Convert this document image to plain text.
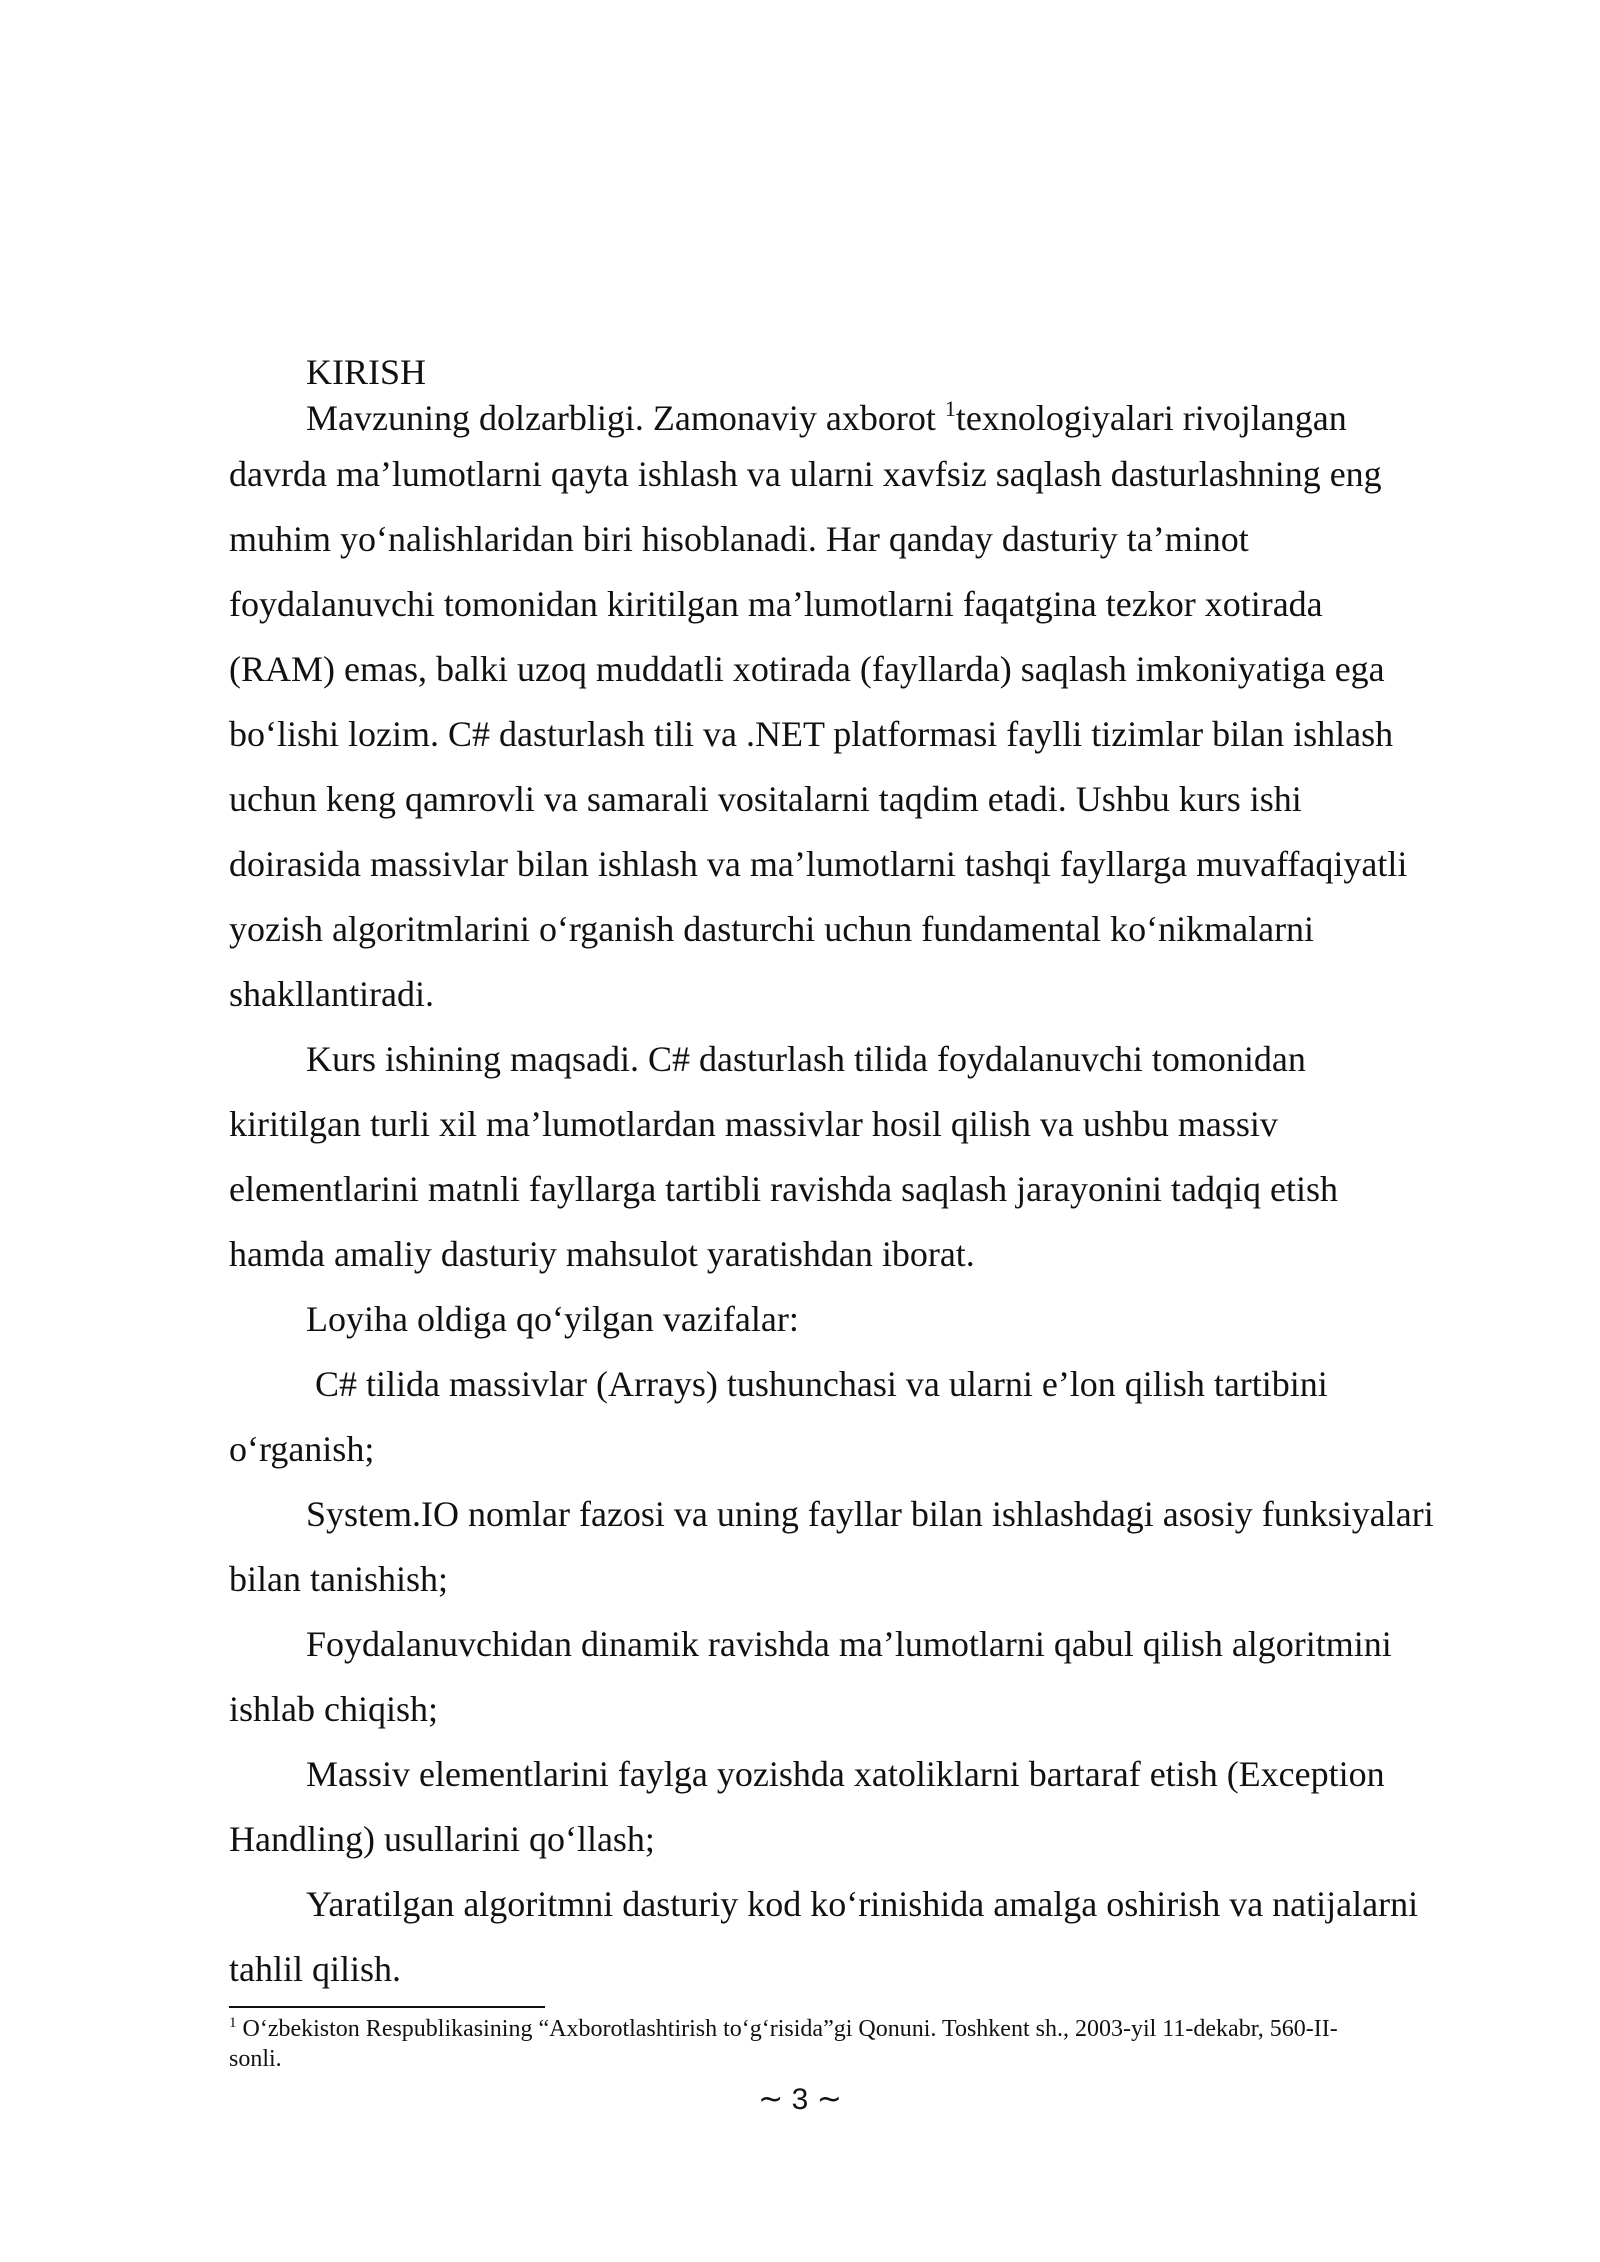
KIRISH
Mavzuning dolzarbligi. Zamonaviy axborot $^1$texnologiyalari rivojlangan
davrda ma’lumotlarni qayta ishlash va ularni xavfsiz saqlash dasturlashning eng
muhim yo‘nalishlaridan biri hisoblanadi. Har qanday dasturiy ta’minot
foydalanuvchi tomonidan kiritilgan ma’lumotlarni faqatgina tezkor xotirada
(RAM) emas, balki uzoq muddatli xotirada (fayllarda) saqlash imkoniyatiga ega
bo‘lishi lozim. C# dasturlash tili va .NET platformasi faylli tizimlar bilan ishlash
uchun keng qamrovli va samarali vositalarni taqdim etadi. Ushbu kurs ishi
doirasida massivlar bilan ishlash va ma’lumotlarni tashqi fayllarga muvaffaqiyatli
yozish algoritmlarini o‘rganish dasturchi uchun fundamental ko‘nikmalarni
shakllantiradi.
Kurs ishining maqsadi. C# dasturlash tilida foydalanuvchi tomonidan
kiritilgan turli xil ma’lumotlardan massivlar hosil qilish va ushbu massiv
elementlarini matnli fayllarga tartibli ravishda saqlash jarayonini tadqiq etish
hamda amaliy dasturiy mahsulot yaratishdan iborat.
Loyiha oldiga qo‘yilgan vazifalar:
C# tilida massivlar (Arrays) tushunchasi va ularni e’lon qilish tartibini
o‘rganish;
System.IO nomlar fazosi va uning fayllar bilan ishlashdagi asosiy funksiyalari
bilan tanishish;
Foydalanuvchidan dinamik ravishda ma’lumotlarni qabul qilish algoritmini
ishlab chiqish;
Massiv elementlarini faylga yozishda xatoliklarni bartaraf etish (Exception
Handling) usullarini qo‘llash;
Yaratilgan algoritmni dasturiy kod ko‘rinishida amalga oshirish va natijalarni
tahlil qilish.
$^1$ O‘zbekiston Respublikasining “Axborotlashtirish to‘g‘risida”gi Qonuni. Toshkent sh., 2003-yil 11-dekabr, 560-II-
sonli.
~ 3 ~
